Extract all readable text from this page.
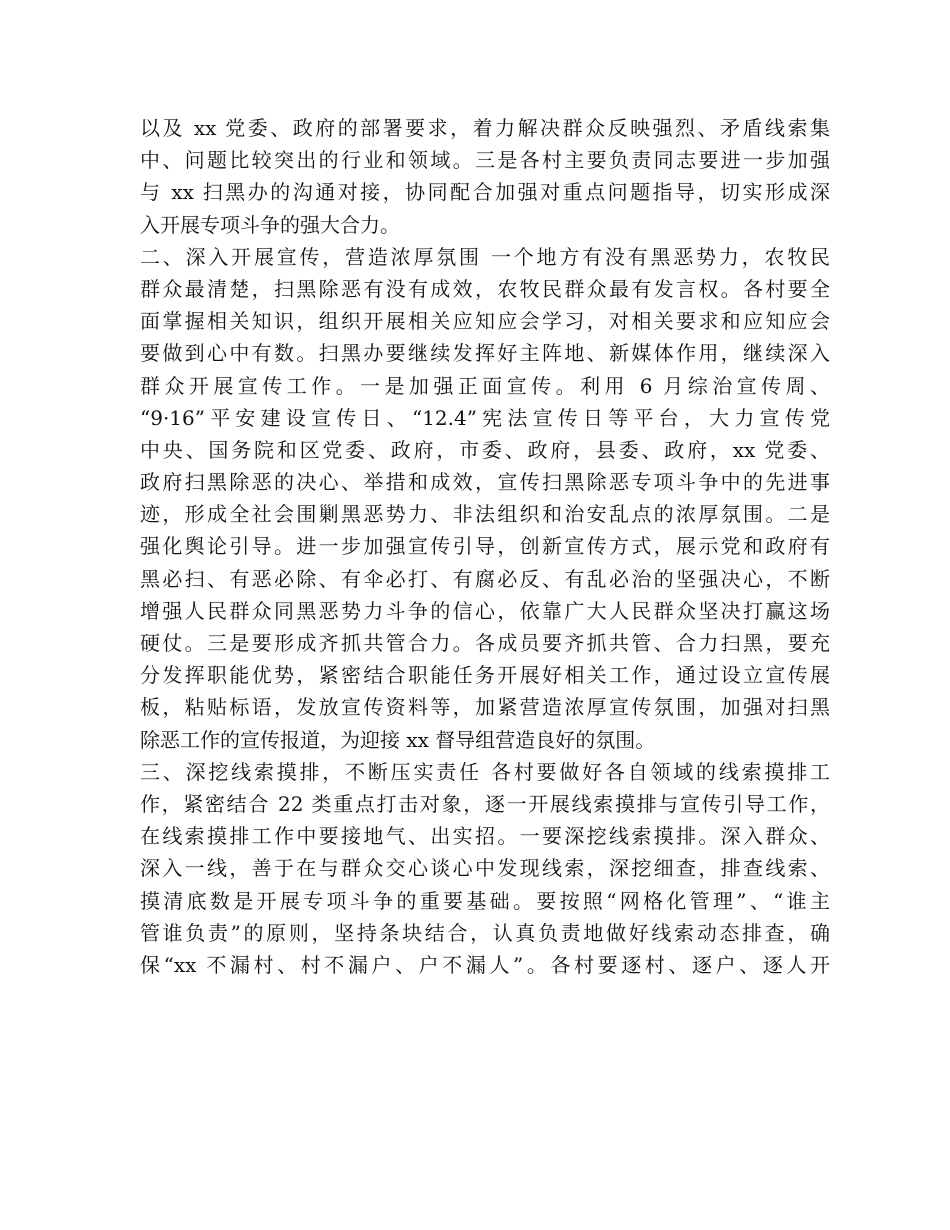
以及 xx 党委、政府的部署要求，着力解决群众反映强烈、矛盾线索集
中、问题比较突出的行业和领域。三是各村主要负责同志要进一步加强
与 xx 扫黑办的沟通对接，协同配合加强对重点问题指导，切实形成深
入开展专项斗争的强大合力。
二、深入开展宣传，营造浓厚氛围 一个地方有没有黑恶势力，农牧民
群众最清楚，扫黑除恶有没有成效，农牧民群众最有发言权。各村要全
面掌握相关知识，组织开展相关应知应会学习，对相关要求和应知应会
要做到心中有数。扫黑办要继续发挥好主阵地、新媒体作用，继续深入
群众开展宣传工作。一是加强正面宣传。利用 6 月综治宣传周、
“9·16”平安建设宣传日、“12.4”宪法宣传日等平台，大力宣传党
中央、国务院和区党委、政府，市委、政府，县委、政府，xx 党委、
政府扫黑除恶的决心、举措和成效，宣传扫黑除恶专项斗争中的先进事
迹，形成全社会围剿黑恶势力、非法组织和治安乱点的浓厚氛围。二是
强化舆论引导。进一步加强宣传引导，创新宣传方式，展示党和政府有
黑必扫、有恶必除、有伞必打、有腐必反、有乱必治的坚强决心，不断
增强人民群众同黑恶势力斗争的信心，依靠广大人民群众坚决打赢这场
硬仗。三是要形成齐抓共管合力。各成员要齐抓共管、合力扫黑，要充
分发挥职能优势，紧密结合职能任务开展好相关工作，通过设立宣传展
板，粘贴标语，发放宣传资料等，加紧营造浓厚宣传氛围，加强对扫黑
除恶工作的宣传报道，为迎接 xx 督导组营造良好的氛围。
三、深挖线索摸排，不断压实责任 各村要做好各自领域的线索摸排工
作，紧密结合 22 类重点打击对象，逐一开展线索摸排与宣传引导工作，
在线索摸排工作中要接地气、出实招。一要深挖线索摸排。深入群众、
深入一线，善于在与群众交心谈心中发现线索，深挖细查，排查线索、
摸清底数是开展专项斗争的重要基础。要按照“网格化管理”、“谁主
管谁负责”的原则，坚持条块结合，认真负责地做好线索动态排查，确
保“xx 不漏村、村不漏户、户不漏人”。各村要逐村、逐户、逐人开
